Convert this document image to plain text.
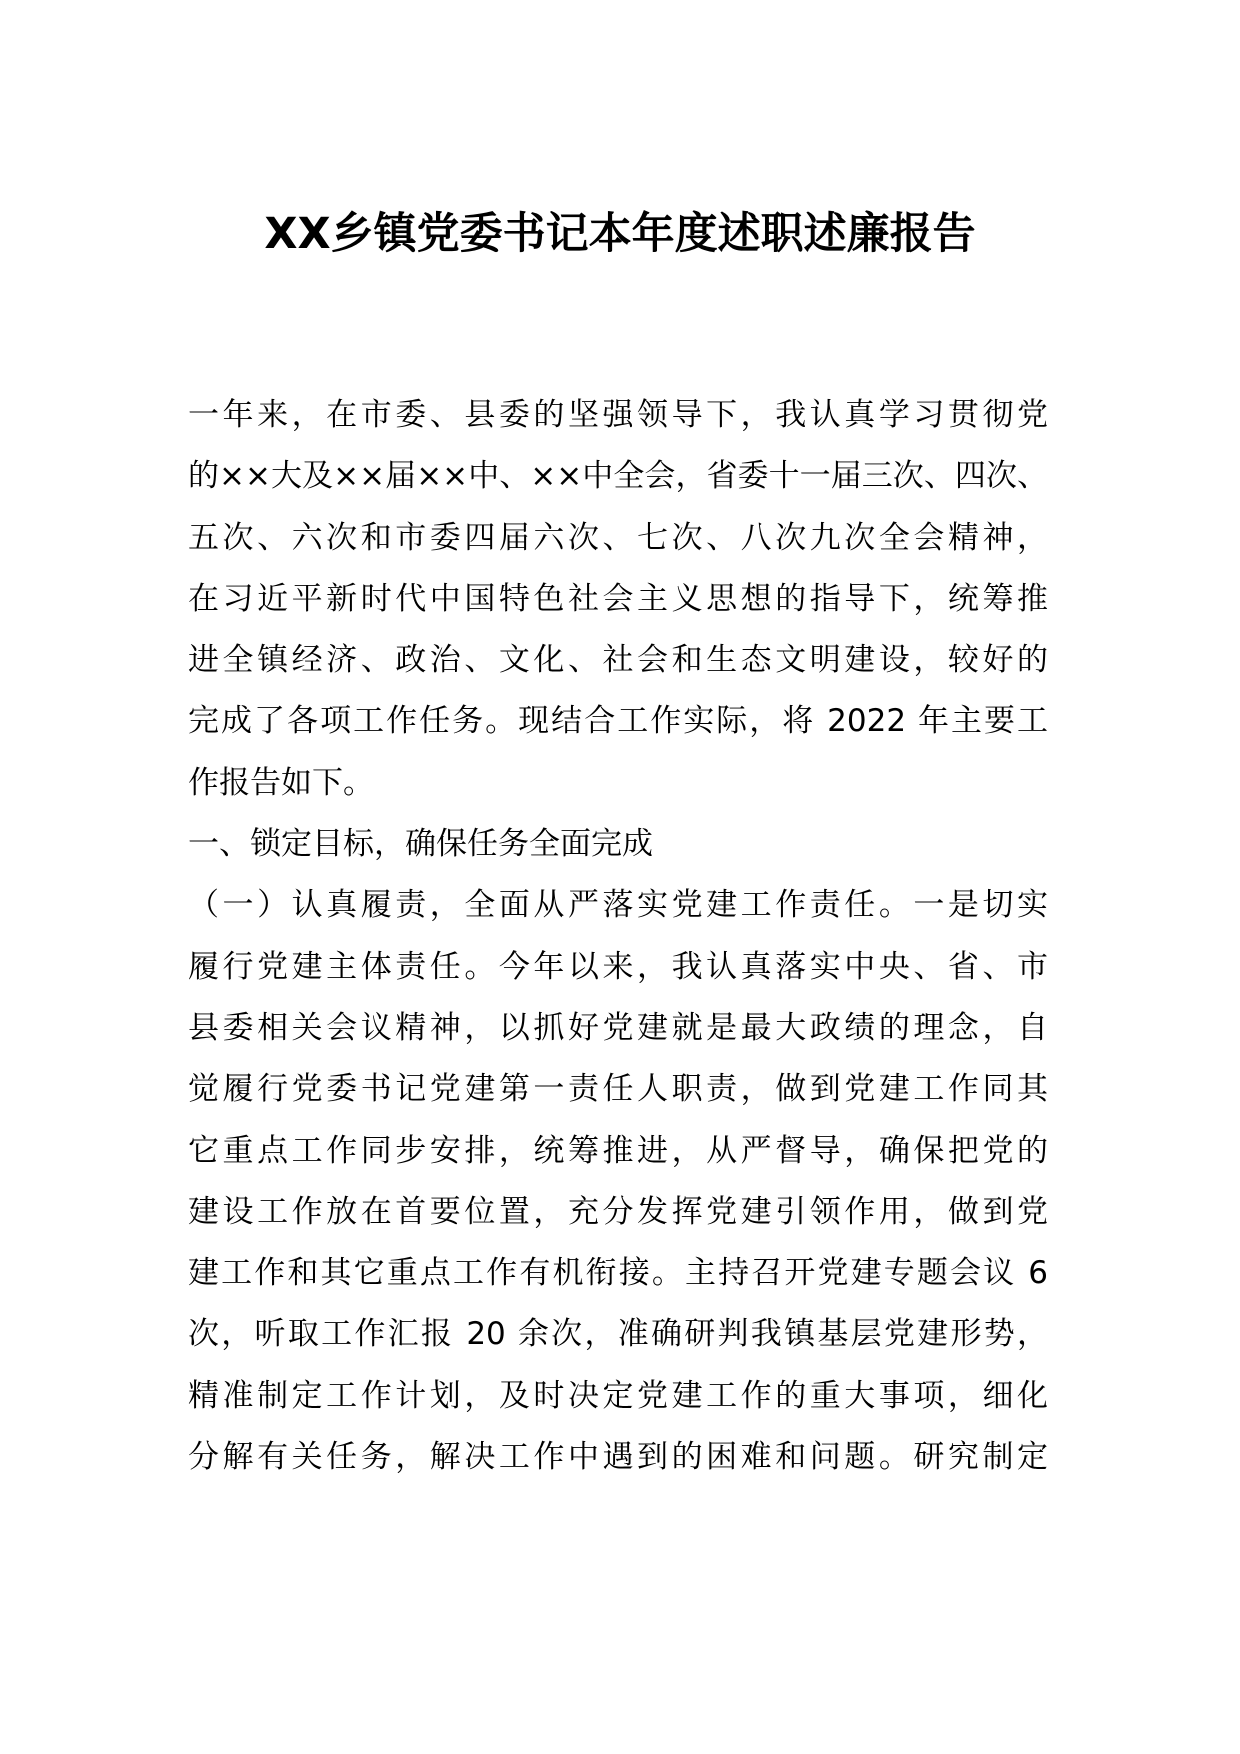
XX乡镇党委书记本年度述职述廉报告
一年来，在市委、县委的坚强领导下，我认真学习贯彻党
的××大及××届××中、××中全会，省委十一届三次、四次、
五次、六次和市委四届六次、七次、八次九次全会精神，
在习近平新时代中国特色社会主义思想的指导下，统筹推
进全镇经济、政治、文化、社会和生态文明建设，较好的
完成了各项工作任务。现结合工作实际，将 2022 年主要工
作报告如下。
一、锁定目标，确保任务全面完成
（一）认真履责，全面从严落实党建工作责任。一是切实
履行党建主体责任。今年以来，我认真落实中央、省、市
县委相关会议精神，以抓好党建就是最大政绩的理念，自
觉履行党委书记党建第一责任人职责，做到党建工作同其
它重点工作同步安排，统筹推进，从严督导，确保把党的
建设工作放在首要位置，充分发挥党建引领作用，做到党
建工作和其它重点工作有机衔接。主持召开党建专题会议 6
次，听取工作汇报 20 余次，准确研判我镇基层党建形势，
精准制定工作计划，及时决定党建工作的重大事项，细化
分解有关任务，解决工作中遇到的困难和问题。研究制定
